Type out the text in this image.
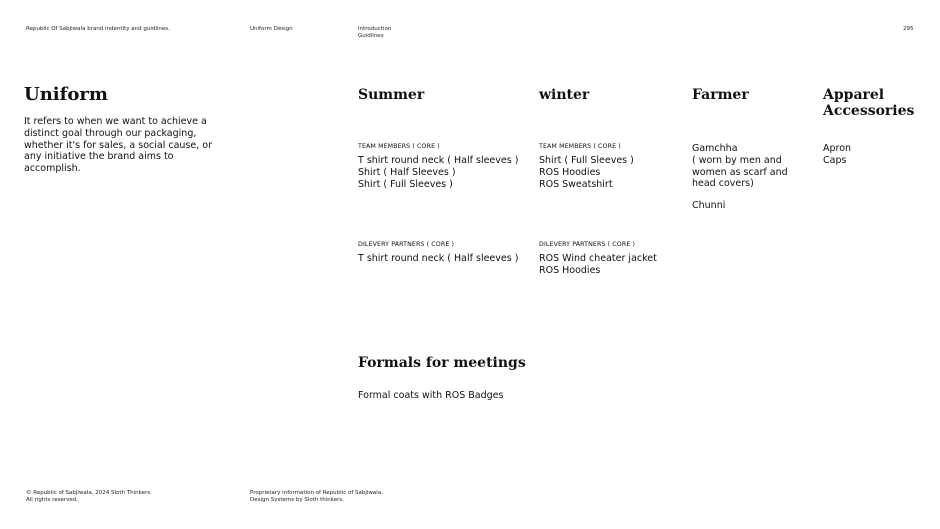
Republic Of Sabjiwala brand indentity and guidlines.	Uniform Design	Introduction
Guidlines
295
Uniform
It refers to when we want to achieve a
distinct goal through our packaging,
whether it's for sales, a social cause, or
any initiative the brand aims to
accomplish.
Summer
TEAM MEMBERS ( CORE )
T shirt round neck ( Half sleeves )
Shirt ( Half Sleeves )
Shirt ( Full Sleeves )
DILEVERY PARTNERS ( CORE )
T shirt round neck ( Half sleeves )
winter
TEAM MEMBERS ( CORE )
Shirt ( Full Sleeves )
ROS Hoodies
ROS Sweatshirt
DILEVERY PARTNERS ( CORE )
ROS Wind cheater jacket
ROS Hoodies
Farmer
Gamchha
( worn by men and
women as scarf and
head covers)
Chunni
Apparel
Accessories
Apron
Caps
Formals for meetings
Formal coats with ROS Badges
© Republic of Sabjiwala, 2024 Sloth Thinkers.
All rights reserved.
Proprietary information of Republic of Sabjiwala.
Design Systems by Sloth thinkers.
